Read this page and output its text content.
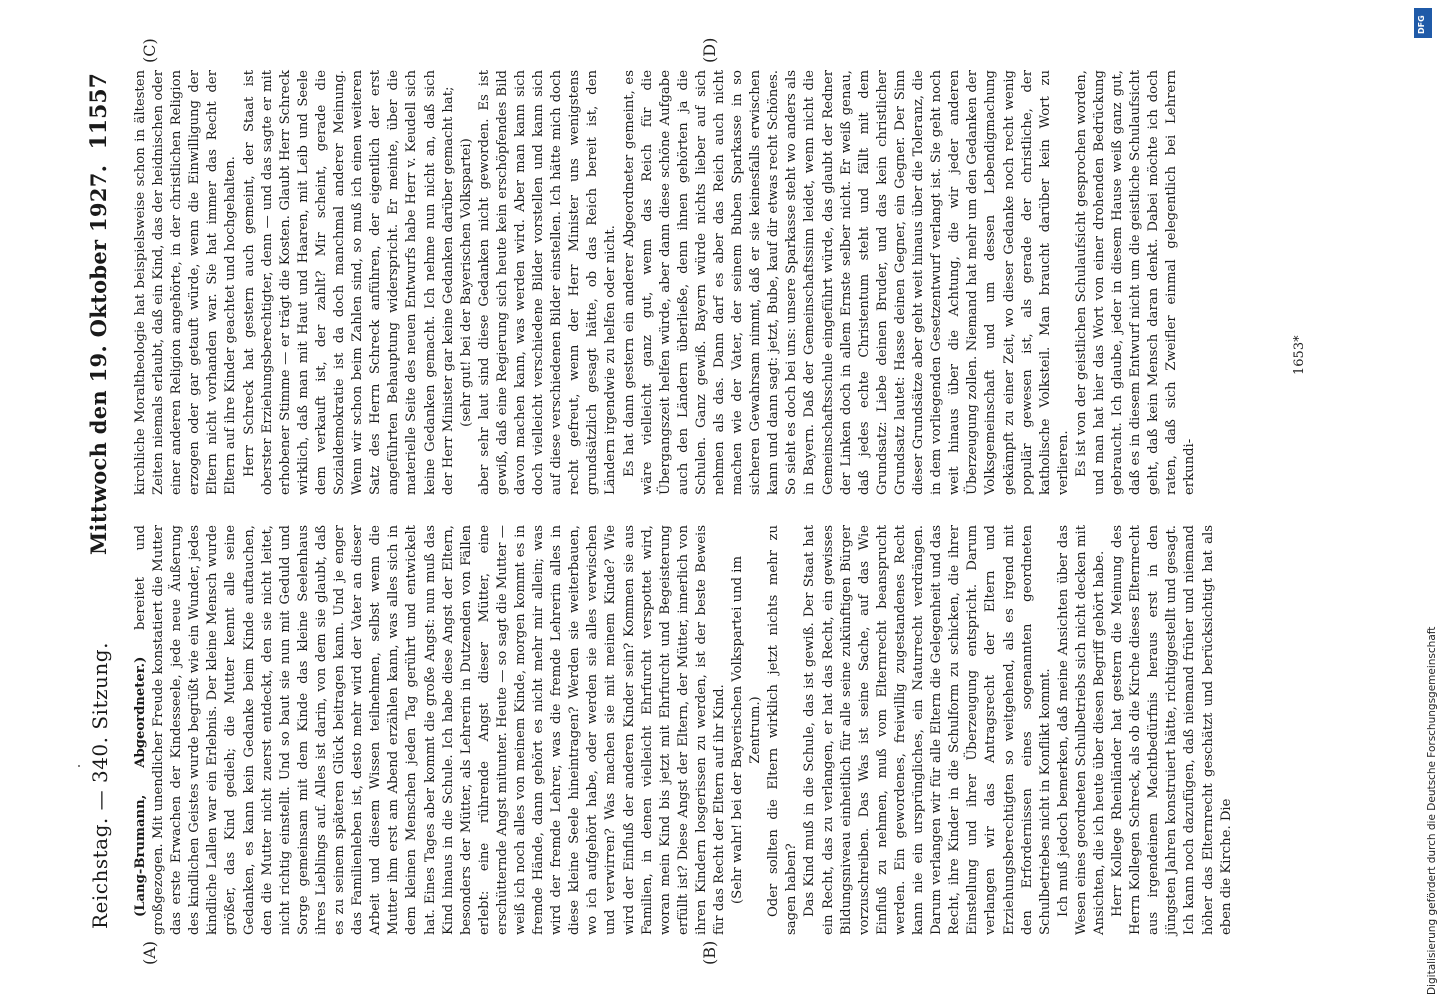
Reichstag. — 340. Sitzung.
Mittwoch den 19. Oktober 1927.
11557
(A)	(B)
(C)	(D)

(Lang-Brumann, Abgeordneter.) bereitet und großgezogen. Mit unendlicher Freude konstatiert die Mutter das erste Erwachen der Kindesseele, jede neue Äußerung des kindlichen Geistes wurde begrüßt wie ein Wunder, jedes kindliche Lallen war ein Erlebnis. Der kleine Mensch wurde größer, das Kind gedieh; die Mutter kennt alle seine Gedanken, es kann kein Gedanke beim Kinde auftauchen, den die Mutter nicht zuerst entdeckt, den sie nicht leitet, nicht richtig einstellt. Und so baut sie nun mit Geduld und Sorge gemeinsam mit dem Kinde das kleine Seelenhaus ihres Lieblings auf. Alles ist darin, von dem sie glaubt, daß es zu seinem späteren Glück beitragen kann. Und je enger das Familienleben ist, desto mehr wird der Vater an dieser Arbeit und diesem Wissen teilnehmen, selbst wenn die Mutter ihm erst am Abend erzählen kann, was alles sich in dem kleinen Menschen jeden Tag gerührt und entwickelt hat. Eines Tages aber kommt die große Angst: nun muß das Kind hinaus in die Schule. Ich habe diese Angst der Eltern, besonders der Mütter, als Lehrerin in Dutzenden von Fällen erlebt: eine rührende Angst dieser Mütter, eine erschütternde Angst mitunter. Heute — so sagt die Mutter — weiß ich noch alles von meinem Kinde, morgen kommt es in fremde Hände, dann gehört es nicht mehr mir allein; was wird der fremde Lehrer, was die fremde Lehrerin alles in diese kleine Seele hineintragen? Werden sie weiterbauen, wo ich aufgehört habe, oder werden sie alles verwischen und verwirren? Was machen sie mit meinem Kinde? Wie wird der Einfluß der anderen Kinder sein? Kommen sie aus Familien, in denen vielleicht Ehrfurcht verspottet wird, woran mein Kind bis jetzt mit Ehrfurcht und Begeisterung erfüllt ist? Diese Angst der Eltern, der Mütter, innerlich von ihren Kindern losgerissen zu werden, ist der beste Beweis für das Recht der Eltern auf ihr Kind. (Sehr wahr! bei der Bayerischen Volkspartei und im Zentrum.) Oder sollten die Eltern wirklich jetzt nichts mehr zu sagen haben? Das Kind muß in die Schule, das ist gewiß. Der Staat hat ein Recht, das zu verlangen, er hat das Recht, ein gewisses Bildungsniveau einheitlich für alle seine zukünftigen Bürger vorzuschreiben. Das Was ist seine Sache, auf das Wie Einfluß zu nehmen, muß vom Elternrecht beansprucht werden. Ein gewordenes, freiwillig zugestandenes Recht kann nie ein ursprüngliches, ein Naturrecht verdrängen. Darum verlangen wir für alle Eltern die Gelegenheit und das Recht, ihre Kinder in die Schulform zu schicken, die ihrer Einstellung und ihrer Überzeugung entspricht. Darum verlangen wir das Antragsrecht der Eltern und Erziehungsberechtigten so weitgehend, als es irgend mit den Erfordernissen eines sogenannten geordneten Schulbetriebes nicht in Konflikt kommt. Ich muß jedoch bemerken, daß meine Ansichten über das Wesen eines geordneten Schulbetriebs sich nicht decken mit Ansichten, die ich heute über diesen Begriff gehört habe. Herr Kollege Rheinländer hat gestern die Meinung des Herrn Kollegen Schreck, als ob die Kirche dieses Elternrecht aus irgendeinem Machtbedürfnis heraus erst in den jüngsten Jahren konstruiert hätte, richtiggestellt und gesagt. Ich kann noch dazufügen, daß niemand früher und niemand höher das Elternrecht geschätzt und berücksichtigt hat als eben die Kirche. Die

kirchliche Moraltheologie hat beispielsweise schon in ältesten Zeiten niemals erlaubt, daß ein Kind, das der heidnischen oder einer anderen Religion angehörte, in der christlichen Religion erzogen oder gar getauft würde, wenn die Einwilligung der Eltern nicht vorhanden war. Sie hat immer das Recht der Eltern auf ihre Kinder geachtet und hochgehalten. Herr Schreck hat gestern auch gemeint, der Staat ist oberster Erziehungsberechtigter, denn — und das sagte er mit erhobener Stimme — er trägt die Kosten. Glaubt Herr Schreck wirklich, daß man mit Haut und Haaren, mit Leib und Seele dem verkauft ist, der zahlt? Mir scheint, gerade die Sozialdemokratie ist da doch manchmal anderer Meinung. Wenn wir schon beim Zahlen sind, so muß ich einen weiteren Satz des Herrn Schreck anführen, der eigentlich der erst angeführten Behauptung widerspricht. Er meinte, über die materielle Seite des neuen Entwurfs habe Herr v. Keudell sich keine Gedanken gemacht. Ich nehme nun nicht an, daß sich der Herr Minister gar keine Gedanken darüber gemacht hat; (sehr gut! bei der Bayerischen Volkspartei) aber sehr laut sind diese Gedanken nicht geworden. Es ist gewiß, daß eine Regierung sich heute kein erschöpfendes Bild davon machen kann, was werden wird. Aber man kann sich doch vielleicht verschiedene Bilder vorstellen und kann sich auf diese verschiedenen Bilder einstellen. Ich hätte mich doch recht gefreut, wenn der Herr Minister uns wenigstens grundsätzlich gesagt hätte, ob das Reich bereit ist, den Ländern irgendwie zu helfen oder nicht. Es hat dann gestern ein anderer Abgeordneter gemeint, es wäre vielleicht ganz gut, wenn das Reich für die Übergangszeit helfen würde, aber dann diese schöne Aufgabe auch den Ländern überließe, denn ihnen gehörten ja die Schulen. Ganz gewiß. Bayern würde nichts lieber auf sich nehmen als das. Dann darf es aber das Reich auch nicht machen wie der Vater, der seinem Buben Sparkasse in so sicheren Gewahrsam nimmt, daß er sie keinesfalls erwischen kann und dann sagt: jetzt, Bube, kauf dir etwas recht Schönes. So sieht es doch bei uns: unsere Sparkasse steht wo anders als in Bayern. Daß der Gemeinschaftssinn leidet, wenn nicht die Gemeinschaftsschule eingeführt würde, das glaubt der Redner der Linken doch in allem Ernste selber nicht. Er weiß genau, daß jedes echte Christentum steht und fällt mit dem Grundsatz: Liebe deinen Bruder, und das kein christlicher Grundsatz lautet: Hasse deinen Gegner, ein Gegner. Der Sinn dieser Grundsätze aber geht weit hinaus über die Toleranz, die in dem vorliegenden Gesetzentwurf verlangt ist. Sie geht noch weit hinaus über die Achtung, die wir jeder anderen Überzeugung zollen. Niemand hat mehr um den Gedanken der Volksgemeinschaft und um dessen Lebendigmachung gekämpft zu einer Zeit, wo dieser Gedanke noch recht wenig populär gewesen ist, als gerade der christliche, der katholische Volksteil. Man braucht darüber kein Wort zu verlieren. Es ist von der geistlichen Schulaufsicht gesprochen worden, und man hat hier das Wort von einer drohenden Bedrückung gebraucht. Ich glaube, jeder in diesem Hause weiß ganz gut, daß es in diesem Entwurf nicht um die geistliche Schulaufsicht geht, daß kein Mensch daran denkt. Dabei möchte ich doch raten, daß sich Zweifler einmal gelegentlich bei Lehrern erkundi-

1653*
DFG
Digitalisierung gefördert durch die Deutsche Forschungsgemeinschaft
